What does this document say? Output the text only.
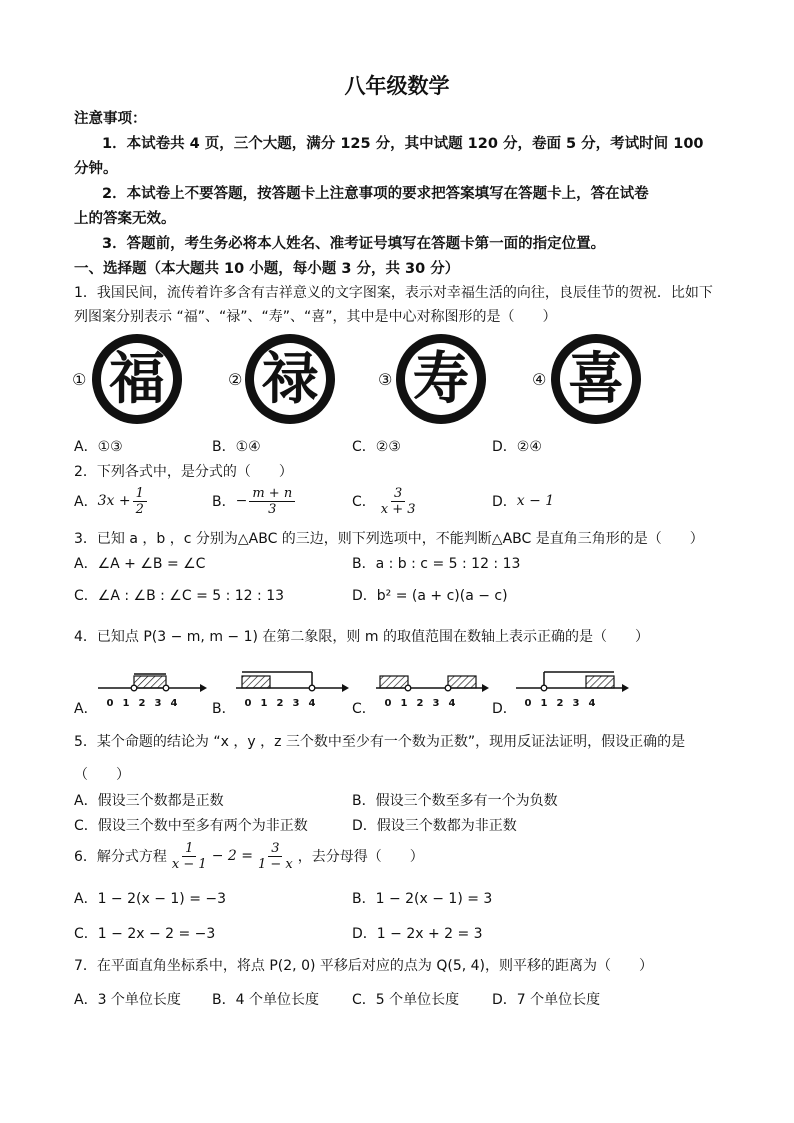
八年级数学
注意事项：
1．本试卷共 4 页，三个大题，满分 125 分，其中试题 120 分，卷面 5 分，考试时间 100
分钟。
2．本试卷上不要答题，按答题卡上注意事项的要求把答案填写在答题卡上，答在试卷
上的答案无效。
3．答题前，考生务必将本人姓名、准考证号填写在答题卡第一面的指定位置。
一、选择题（本大题共 10 小题，每小题 3 分，共 30 分）
1．我国民间，流传着许多含有吉祥意义的文字图案，表示对幸福生活的向往，良辰佳节的贺祝．比如下
列图案分别表示 “福”、“禄”、“寿”、“喜”，其中是中心对称图形的是（　　）
① 福	② 禄	③ 寿	④ 喜
A．①③	B．①④	C．②③	D．②④
2．下列各式中，是分式的（　　）
A． $3x + \frac{1}{2}$	B． − $\frac{m + n}{3}$	C． $\frac{3}{x + 3}$	D． x − 1
3．已知 a ，b ，c 分别为△ABC 的三边，则下列选项中，不能判断△ABC 是直角三角形的是（　　）
A．∠A + ∠B = ∠C	B．a : b : c = 5 : 12 : 13
C．∠A : ∠B : ∠C = 5 : 12 : 13	D．b² = (a + c)(a − c)
4．已知点 P(3 − m, m − 1) 在第二象限，则 m 的取值范围在数轴上表示正确的是（　　）
A． 0 1 2 3 4 B． 0 1 2 3 4	C． 0 1 2 3 4	D． 0 1 2 3 4
5．某个命题的结论为 “x ，y ，z 三个数中至少有一个数为正数”，现用反证法证明，假设正确的是
（　　）
A．假设三个数都是正数	B．假设三个数至多有一个为负数
C．假设三个数中至多有两个为非正数	D．假设三个数都为非正数
6．解分式方程 $\frac{1}{x - 1} - 2 = \frac{3}{1 - x}$ ，去分母得（　　）
A．1 − 2(x − 1) = −3	B．1 − 2(x − 1) = 3
C．1 − 2x − 2 = −3	D．1 − 2x + 2 = 3
7．在平面直角坐标系中，将点 P(2, 0) 平移后对应的点为 Q(5, 4)，则平移的距离为（　　）
A．3 个单位长度 B．4 个单位长度 C．5 个单位长度 D．7 个单位长度
